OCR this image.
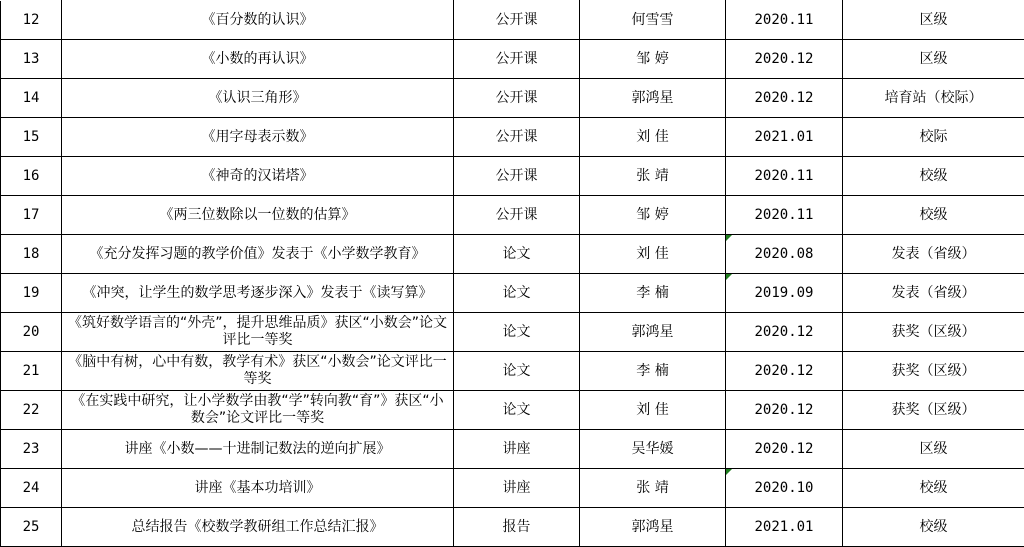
12	《百分数的认识》	公开课	何雪雪	2020.11	区级
13	《小数的再认识》	公开课	邹 婷	2020.12	区级
14	《认识三角形》	公开课	郭鸿星	2020.12	培育站（校际）
15	《用字母表示数》	公开课	刘 佳	2021.01	校际
16	《神奇的汉诺塔》	公开课	张 靖	2020.11	校级
17	《两三位数除以一位数的估算》	公开课	邹 婷	2020.11	校级
18	《充分发挥习题的教学价值》发表于《小学数学教育》	论文	刘 佳	2020.08	发表（省级）
19	《冲突，让学生的数学思考逐步深入》发表于《读写算》	论文	李 楠	2019.09	发表（省级）
20	《筑好数学语言的“外壳”，提升思维品质》获区“小数会”论文评比一等奖	论文	郭鸿星	2020.12	获奖（区级）
21	《脑中有树，心中有数，教学有术》获区“小数会”论文评比一等奖	论文	李 楠	2020.12	获奖（区级）
22	《在实践中研究，让小学数学由教“学”转向教“育”》获区“小数会”论文评比一等奖	论文	刘 佳	2020.12	获奖（区级）
23	讲座《小数——十进制记数法的逆向扩展》	讲座	吴华媛	2020.12	区级
24	讲座《基本功培训》	讲座	张 靖	2020.10	校级
25	总结报告《校数学教研组工作总结汇报》	报告	郭鸿星	2021.01	校级
